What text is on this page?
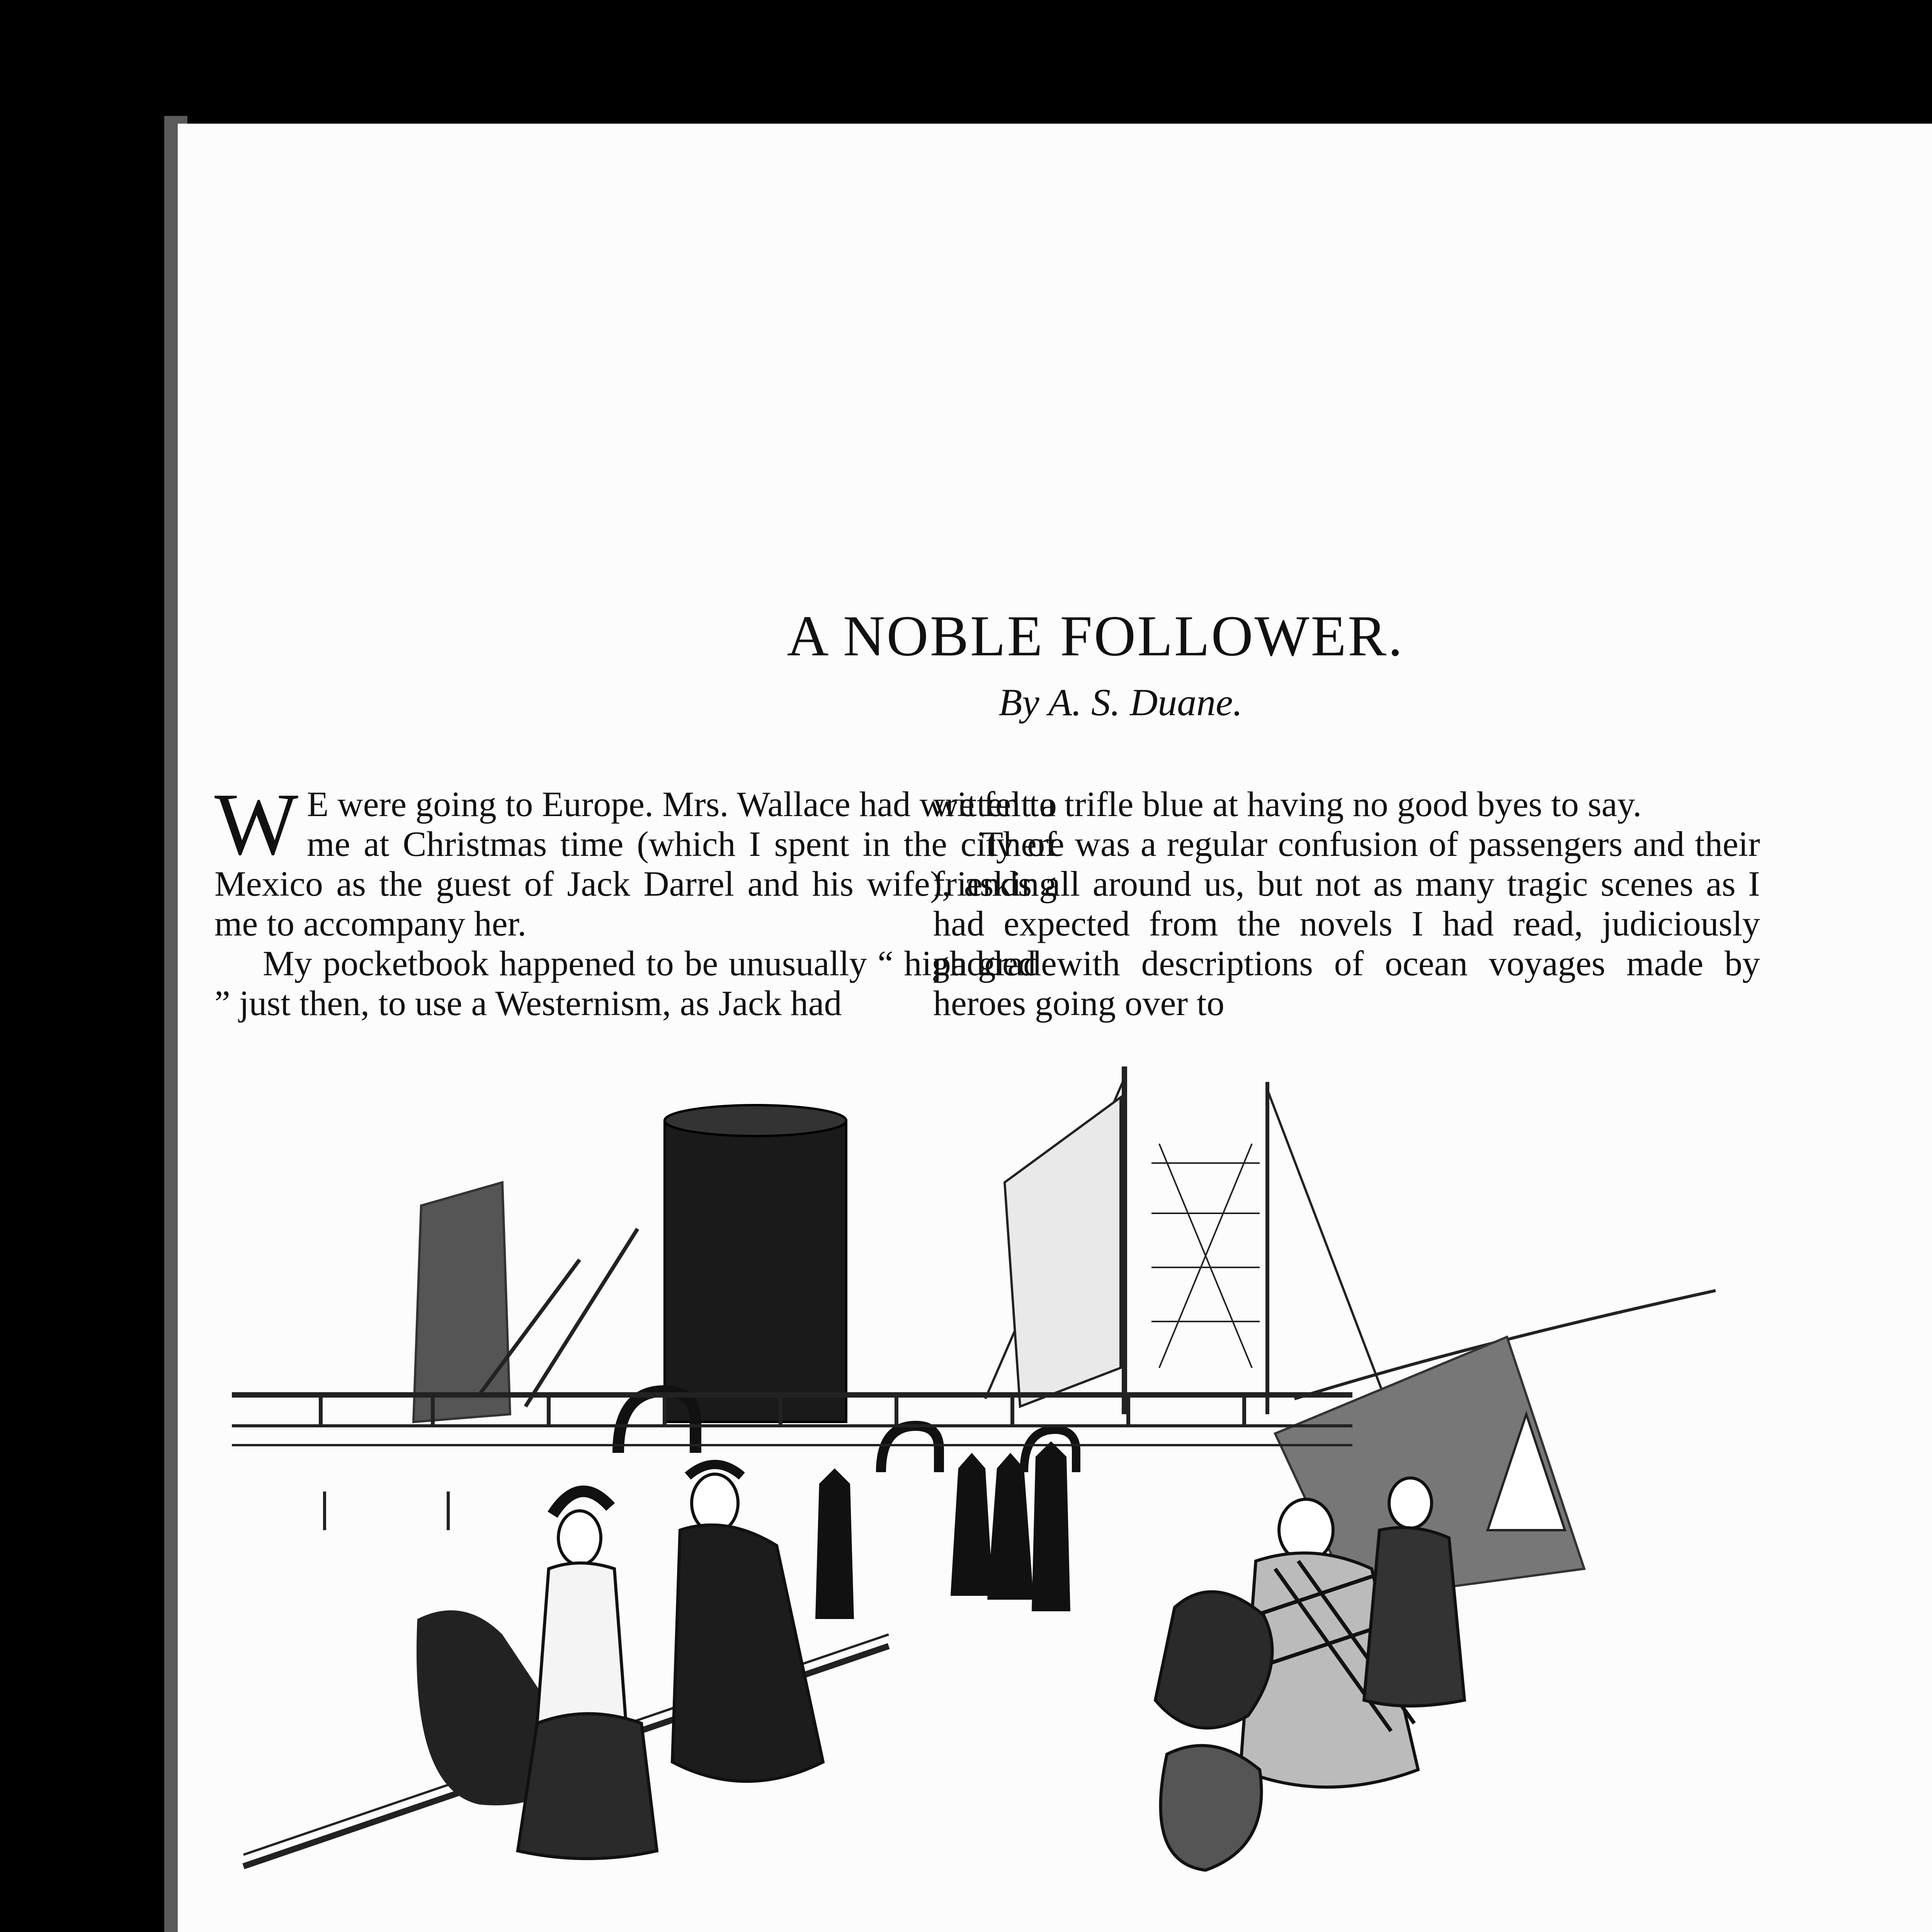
A NOBLE FOLLOWER.
By A. S. Duane.

W E were going to Europe. Mrs. Wallace had written to me at Christmas time (which I spent in the city of Mexico as the guest of Jack Darrel and his wife), asking me to accompany her.

My pocketbook happened to be unusually “ high grade ” just then, to use a Westernism, as Jack had

we felt a trifle blue at having no good byes to say.

There was a regular confusion of passengers and their friends all around us, but not as many tragic scenes as I had expected from the novels I had read, judiciously padded with descriptions of ocean voyages made by heroes going over to
